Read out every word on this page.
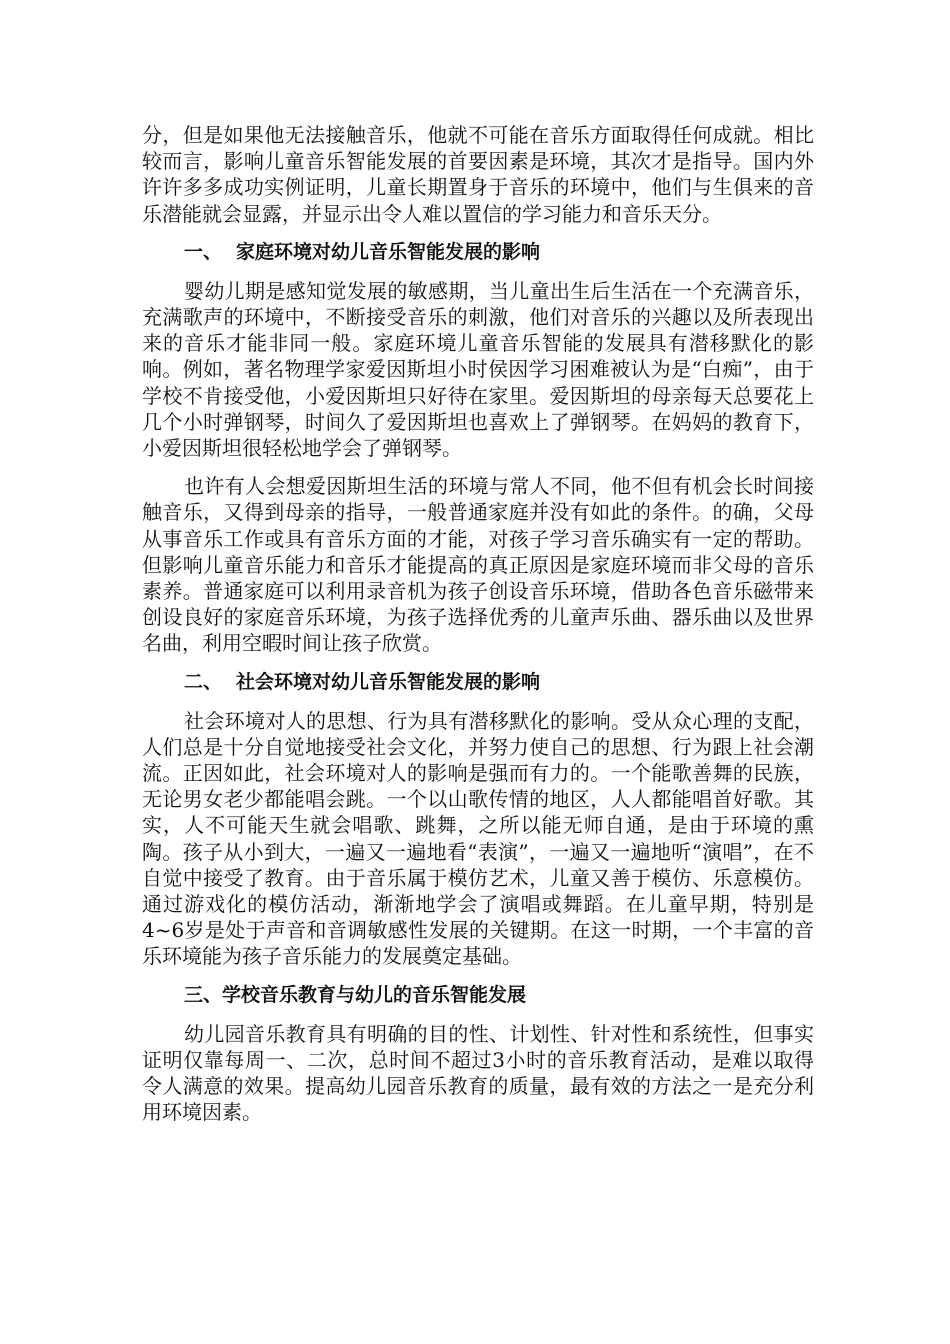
分，但是如果他无法接触音乐，他就不可能在音乐方面取得任何成就。相比较而言，影响儿童音乐智能发展的首要因素是环境，其次才是指导。国内外许许多多成功实例证明，儿童长期置身于音乐的环境中，他们与生俱来的音乐潜能就会显露，并显示出令人难以置信的学习能力和音乐天分。

一、 家庭环境对幼儿音乐智能发展的影响

婴幼儿期是感知觉发展的敏感期，当儿童出生后生活在一个充满音乐，充满歌声的环境中，不断接受音乐的刺激，他们对音乐的兴趣以及所表现出来的音乐才能非同一般。家庭环境儿童音乐智能的发展具有潜移默化的影响。例如，著名物理学家爱因斯坦小时侯因学习困难被认为是“白痴”，由于学校不肯接受他，小爱因斯坦只好待在家里。爱因斯坦的母亲每天总要花上几个小时弹钢琴，时间久了爱因斯坦也喜欢上了弹钢琴。在妈妈的教育下，小爱因斯坦很轻松地学会了弹钢琴。

也许有人会想爱因斯坦生活的环境与常人不同，他不但有机会长时间接触音乐，又得到母亲的指导，一般普通家庭并没有如此的条件。的确，父母从事音乐工作或具有音乐方面的才能，对孩子学习音乐确实有一定的帮助。但影响儿童音乐能力和音乐才能提高的真正原因是家庭环境而非父母的音乐素养。普通家庭可以利用录音机为孩子创设音乐环境，借助各色音乐磁带来创设良好的家庭音乐环境，为孩子选择优秀的儿童声乐曲、器乐曲以及世界名曲，利用空暇时间让孩子欣赏。

二、 社会环境对幼儿音乐智能发展的影响

社会环境对人的思想、行为具有潜移默化的影响。受从众心理的支配，人们总是十分自觉地接受社会文化，并努力使自己的思想、行为跟上社会潮流。正因如此，社会环境对人的影响是强而有力的。一个能歌善舞的民族，无论男女老少都能唱会跳。一个以山歌传情的地区，人人都能唱首好歌。其实，人不可能天生就会唱歌、跳舞，之所以能无师自通，是由于环境的熏陶。孩子从小到大，一遍又一遍地看“表演”，一遍又一遍地听“演唱”，在不自觉中接受了教育。由于音乐属于模仿艺术，儿童又善于模仿、乐意模仿。通过游戏化的模仿活动，渐渐地学会了演唱或舞蹈。在儿童早期，特别是4~6岁是处于声音和音调敏感性发展的关键期。在这一时期，一个丰富的音乐环境能为孩子音乐能力的发展奠定基础。

三、学校音乐教育与幼儿的音乐智能发展

幼儿园音乐教育具有明确的目的性、计划性、针对性和系统性，但事实证明仅靠每周一、二次，总时间不超过3小时的音乐教育活动，是难以取得令人满意的效果。提高幼儿园音乐教育的质量，最有效的方法之一是充分利用环境因素。
